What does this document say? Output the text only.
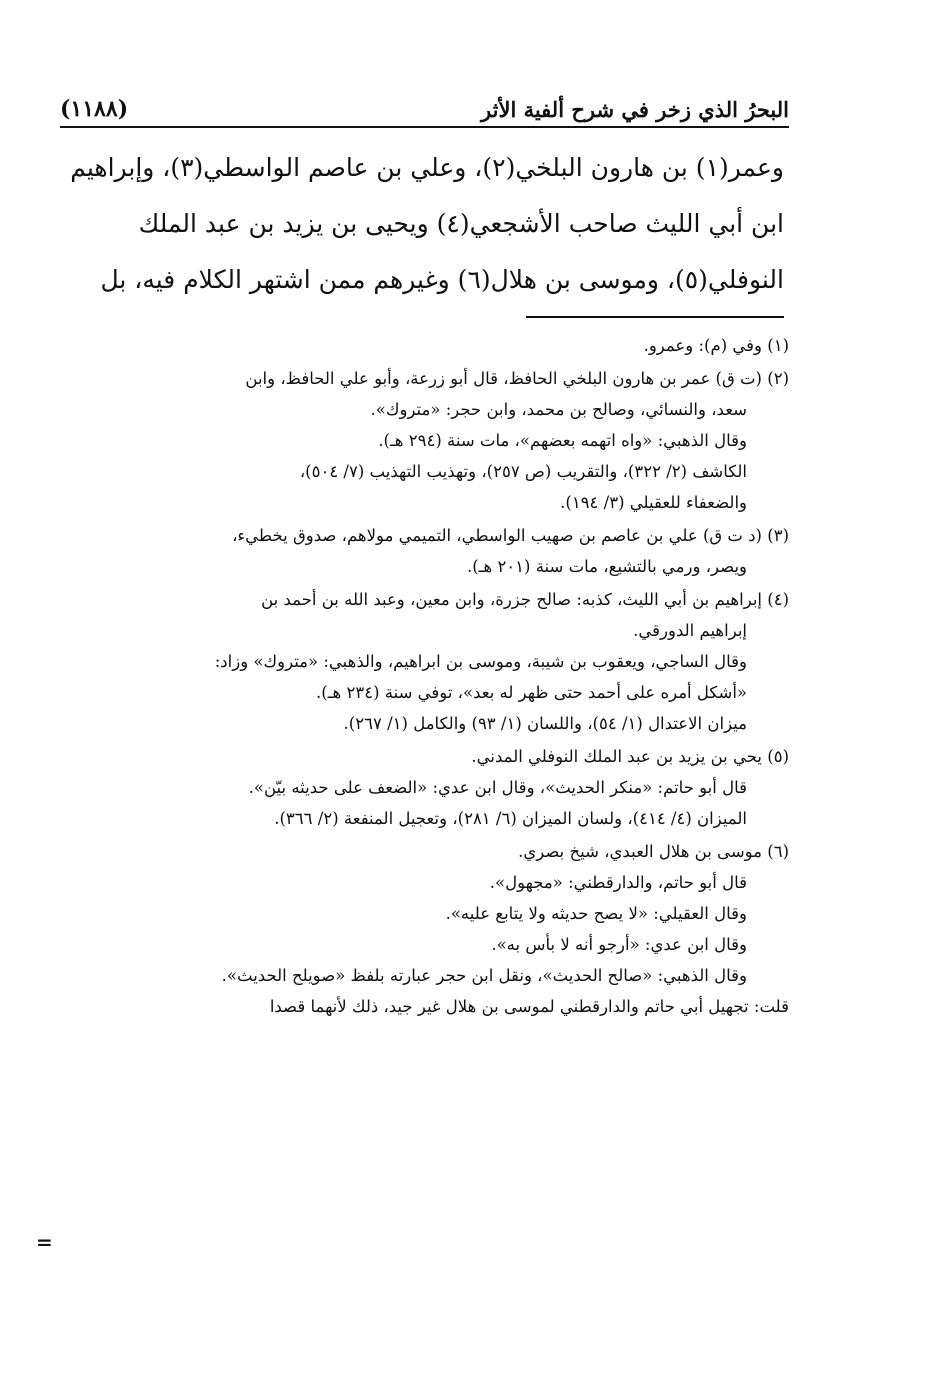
البحرُ الذي زخر في شرح ألفية الأثر
(١١٨٨)
وعمر(١) بن هارون البلخي(٢)، وعلي بن عاصم الواسطي(٣)، وإبراهيم
ابن أبي الليث صاحب الأشجعي(٤) ويحيى بن يزيد بن عبد الملك
النوفلي(٥)، وموسى بن هلال(٦) وغيرهم ممن اشتهر الكلام فيه، بل
(١) وفي (م): وعمرو.
(٢) (ت ق) عمر بن هارون البلخي الحافظ، قال أبو زرعة، وأبو علي الحافظ، وابن
سعد، والنسائي، وصالح بن محمد، وابن حجر: «متروك».
وقال الذهبي: «واه اتهمه بعضهم»، مات سنة (٢٩٤ هـ).
الكاشف (٢/ ٣٢٢)، والتقريب (ص ٢٥٧)، وتهذيب التهذيب (٧/ ٥٠٤)،
والضعفاء للعقيلي (٣/ ١٩٤).
(٣) (د ت ق) علي بن عاصم بن صهيب الواسطي، التميمي مولاهم، صدوق يخطيء،
ويصر، ورمي بالتشيع، مات سنة (٢٠١ هـ).
(٤) إبراهيم بن أبي الليث، كذبه: صالح جزرة، وابن معين، وعبد الله بن أحمد بن
إبراهيم الدورقي.
وقال الساجي، ويعقوب بن شيبة، وموسى بن ابراهيم، والذهبي: «متروك» وزاد:
«أشكل أمره على أحمد حتى ظهر له بعد»، توفي سنة (٢٣٤ هـ).
ميزان الاعتدال (١/ ٥٤)، واللسان (١/ ٩٣) والكامل (١/ ٢٦٧).
(٥) يحي بن يزيد بن عبد الملك النوفلي المدني.
قال أبو حاتم: «منكر الحديث»، وقال ابن عدي: «الضعف على حديثه بيّن».
الميزان (٤/ ٤١٤)، ولسان الميزان (٦/ ٢٨١)، وتعجيل المنفعة (٢/ ٣٦٦).
(٦) موسى بن هلال العبدي، شيخ بصري.
قال أبو حاتم، والدارقطني: «مجهول».
وقال العقيلي: «لا يصح حديثه ولا يتابع عليه».
وقال ابن عدي: «أرجو أنه لا بأس به».
وقال الذهبي: «صالح الحديث»، ونقل ابن حجر عبارته بلفظ «صويلح الحديث».
قلت: تجهيل أبي حاتم والدارقطني لموسى بن هلال غير جيد، ذلك لأنهما قصدا
=
